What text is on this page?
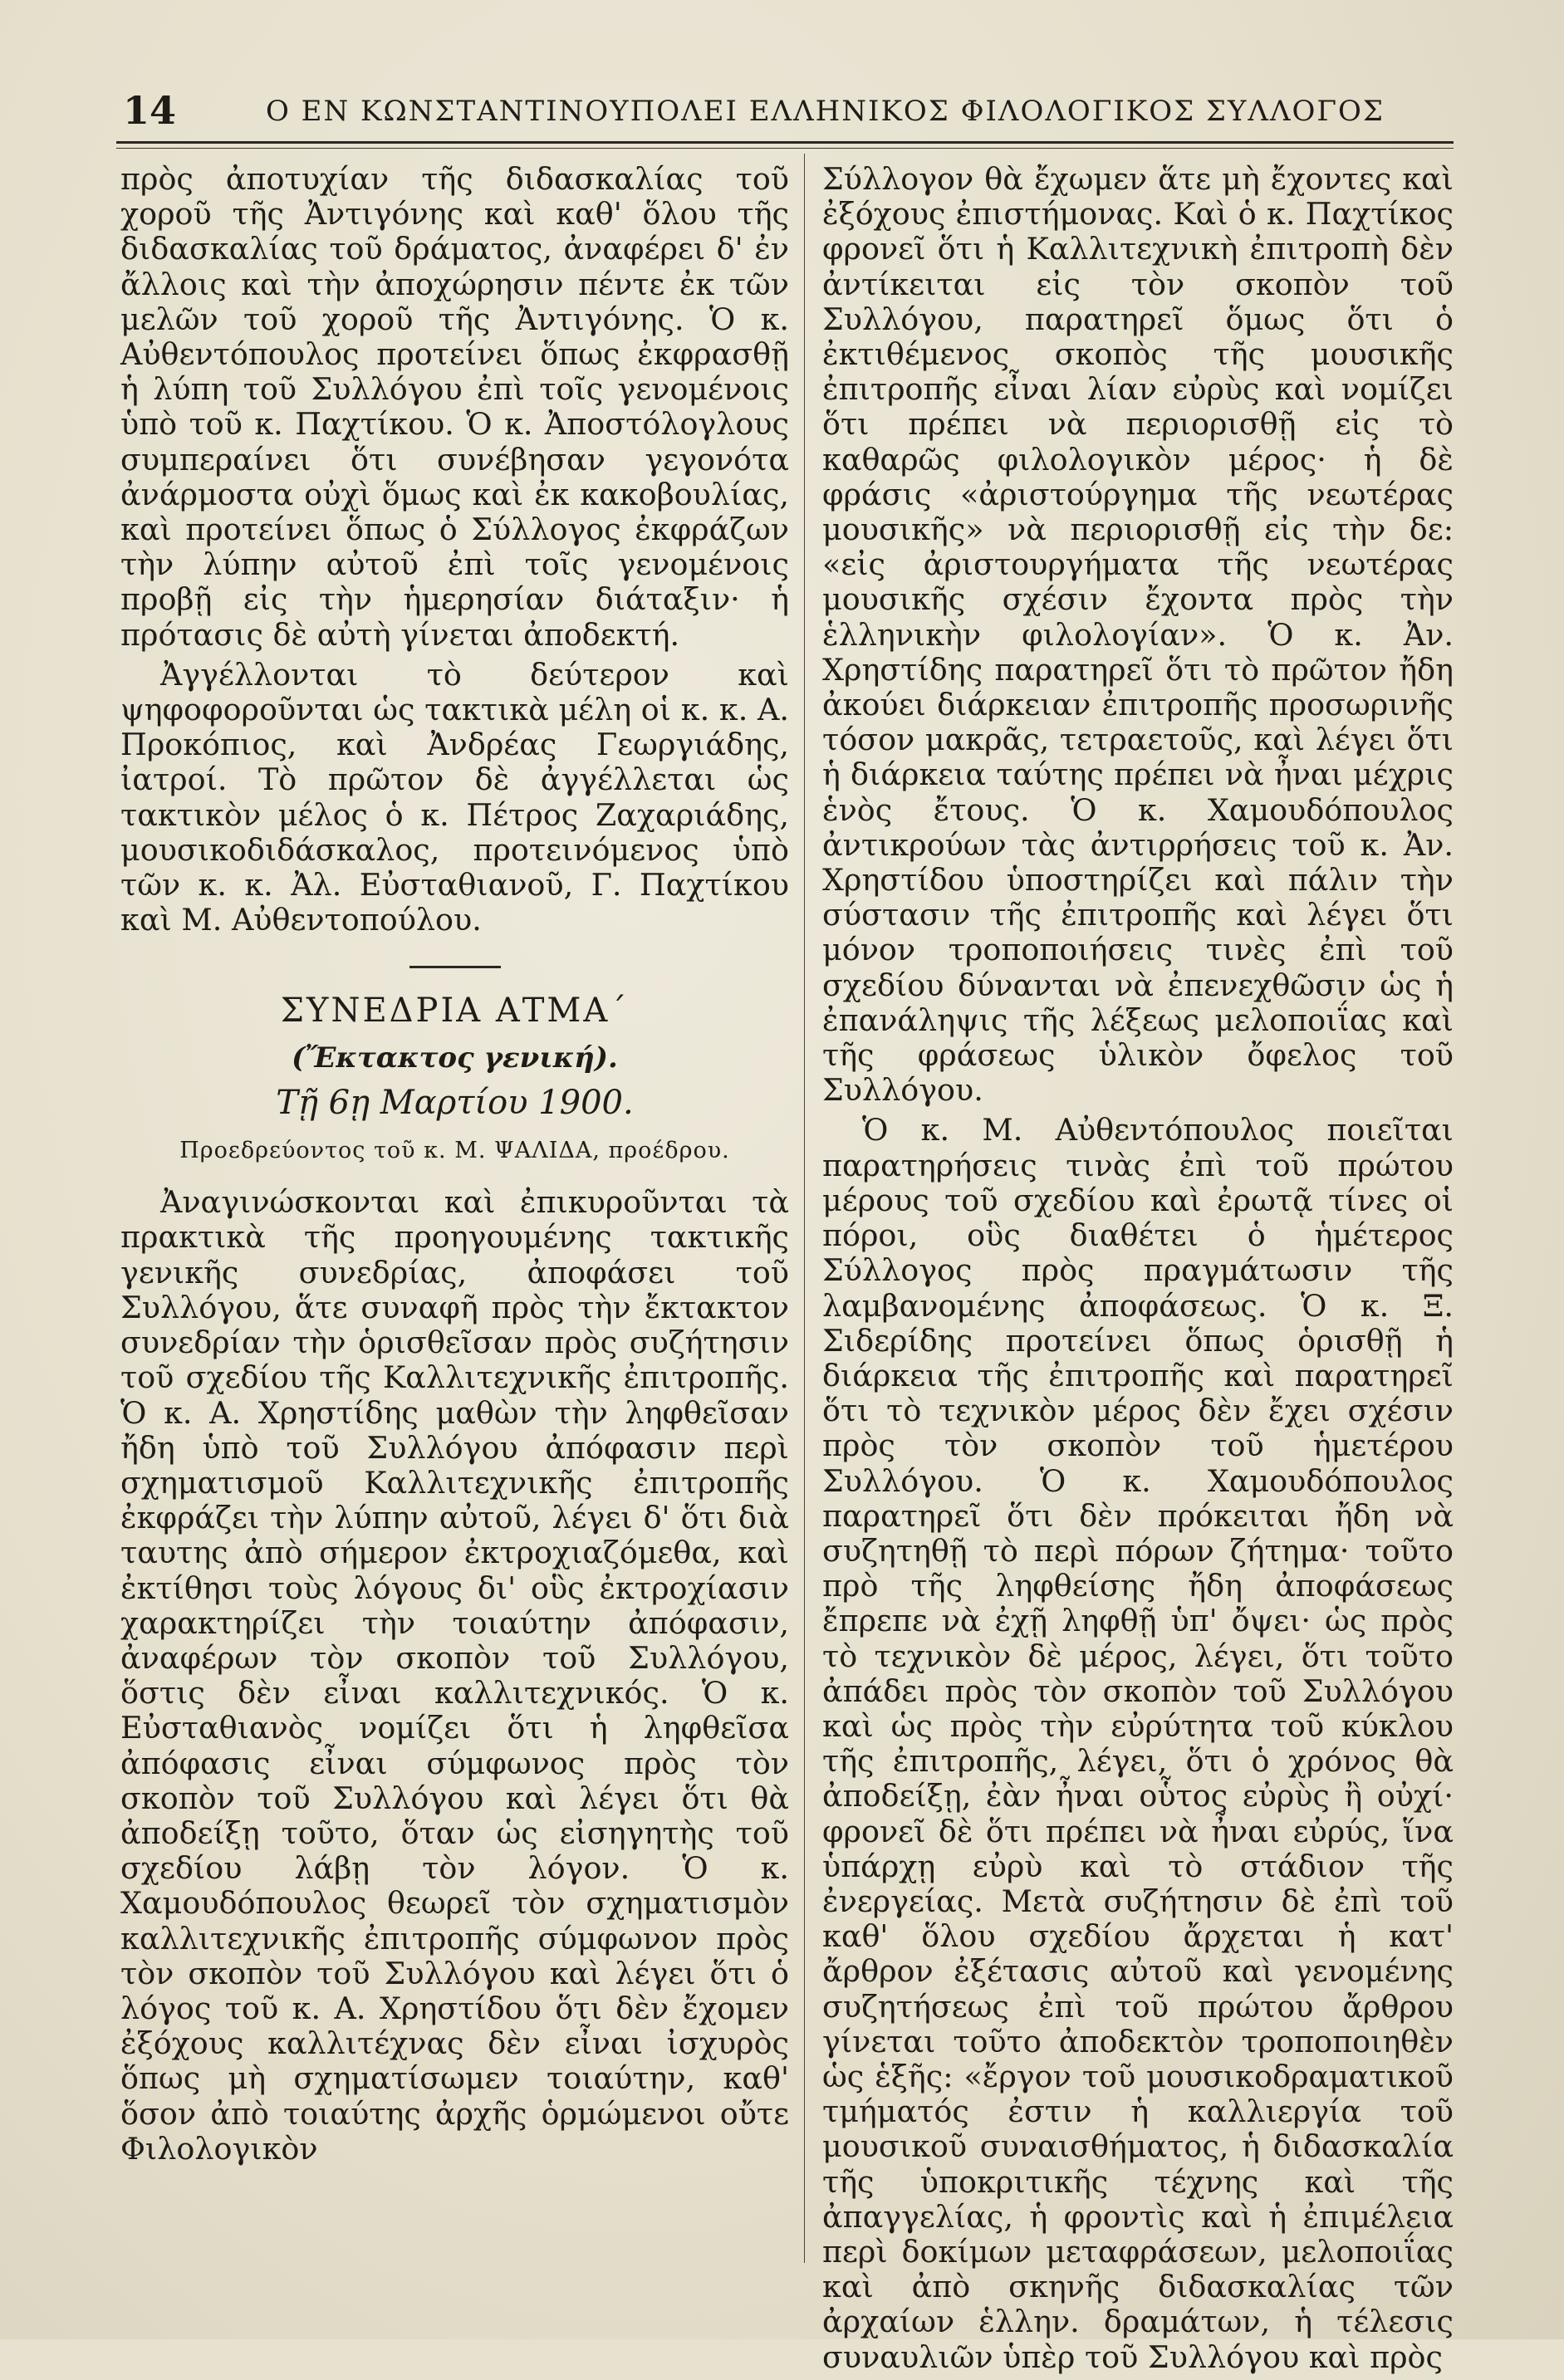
14	Ο ΕΝ ΚΩΝΣΤΑΝΤΙΝΟΥΠΟΛΕΙ ΕΛΛΗΝΙΚΟΣ ΦΙΛΟΛΟΓΙΚΟΣ ΣΥΛΛΟΓΟΣ

πρὸς ἀποτυχίαν τῆς διδασκαλίας τοῦ χοροῦ τῆς Ἀντιγόνης καὶ καθ' ὅλου τῆς διδασκαλίας τοῦ δράματος, ἀναφέρει δ' ἐν ἄλλοις καὶ τὴν ἀποχώρησιν πέντε ἐκ τῶν μελῶν τοῦ χοροῦ τῆς Ἀντιγόνης. Ὁ κ. Αὐθεντόπουλος προτείνει ὅπως ἐκφρασθῇ ἡ λύπη τοῦ Συλλόγου ἐπὶ τοῖς γενομένοις ὑπὸ τοῦ κ. Παχτίκου. Ὁ κ. Ἀποστόλογλους συμπεραίνει ὅτι συνέβησαν γεγονότα ἀνάρμοστα οὐχὶ ὅμως καὶ ἐκ κακοβουλίας, καὶ προτείνει ὅπως ὁ Σύλλογος ἐκφράζων τὴν λύπην αὐτοῦ ἐπὶ τοῖς γενομένοις προβῇ εἰς τὴν ἡμερησίαν διάταξιν· ἡ πρότασις δὲ αὐτὴ γίνεται ἀποδεκτή.

Ἀγγέλλονται τὸ δεύτερον καὶ ψηφοφοροῦνται ὡς τακτικὰ μέλη οἱ κ. κ. Α. Προκόπιος, καὶ Ἀνδρέας Γεωργιάδης, ἰατροί. Τὸ πρῶτον δὲ ἀγγέλλεται ὡς τακτικὸν μέλος ὁ κ. Πέτρος Ζαχαριάδης, μουσικοδιδάσκαλος, προτεινόμενος ὑπὸ τῶν κ. κ. Ἀλ. Εὐσταθιανοῦ, Γ. Παχτίκου καὶ Μ. Αὐθεντοπούλου.

ΣΥΝΕΔΡΙΑ ΑΤΜΑ΄
(Ἔκτακτος γενική).
Τῇ 6ῃ Μαρτίου 1900.
Προεδρεύοντος τοῦ κ. Μ. ΨΑΛΙΔΑ, προέδρου.

Ἀναγινώσκονται καὶ ἐπικυροῦνται τὰ πρακτικὰ τῆς προηγουμένης τακτικῆς γενικῆς συνεδρίας, ἀποφάσει τοῦ Συλλόγου, ἅτε συναφῆ πρὸς τὴν ἔκτακτον συνεδρίαν τὴν ὁρισθεῖσαν πρὸς συζήτησιν τοῦ σχεδίου τῆς Καλλιτεχνικῆς ἐπιτροπῆς. Ὁ κ. Α. Χρηστίδης μαθὼν τὴν ληφθεῖσαν ἤδη ὑπὸ τοῦ Συλλόγου ἀπόφασιν περὶ σχηματισμοῦ Καλλιτεχνικῆς ἐπιτροπῆς ἐκφράζει τὴν λύπην αὐτοῦ, λέγει δ' ὅτι διὰ ταυτης ἀπὸ σήμερον ἐκτροχιαζόμεθα, καὶ ἐκτίθησι τοὺς λόγους δι' οὓς ἐκτροχίασιν χαρακτηρίζει τὴν τοιαύτην ἀπόφασιν, ἀναφέρων τὸν σκοπὸν τοῦ Συλλόγου, ὅστις δὲν εἶναι καλλιτεχνικός. Ὁ κ. Εὐσταθιανὸς νομίζει ὅτι ἡ ληφθεῖσα ἀπόφασις εἶναι σύμφωνος πρὸς τὸν σκοπὸν τοῦ Συλλόγου καὶ λέγει ὅτι θὰ ἀποδείξῃ τοῦτο, ὅταν ὡς εἰσηγητὴς τοῦ σχεδίου λάβῃ τὸν λόγον. Ὁ κ. Χαμουδόπουλος θεωρεῖ τὸν σχηματισμὸν καλλιτεχνικῆς ἐπιτροπῆς σύμφωνον πρὸς τὸν σκοπὸν τοῦ Συλλόγου καὶ λέγει ὅτι ὁ λόγος τοῦ κ. Α. Χρηστίδου ὅτι δὲν ἔχομεν ἐξόχους καλλιτέχνας δὲν εἶναι ἰσχυρὸς ὅπως μὴ σχηματίσωμεν τοιαύτην, καθ' ὅσον ἀπὸ τοιαύτης ἀρχῆς ὁρμώμενοι οὔτε Φιλολογικὸν

Σύλλογον θὰ ἔχωμεν ἅτε μὴ ἔχοντες καὶ ἐξόχους ἐπιστήμονας. Καὶ ὁ κ. Παχτίκος φρονεῖ ὅτι ἡ Καλλιτεχνικὴ ἐπιτροπὴ δὲν ἀντίκειται εἰς τὸν σκοπὸν τοῦ Συλλόγου, παρατηρεῖ ὅμως ὅτι ὁ ἐκτιθέμενος σκοπὸς τῆς μουσικῆς ἐπιτροπῆς εἶναι λίαν εὐρὺς καὶ νομίζει ὅτι πρέπει νὰ περιορισθῇ εἰς τὸ καθαρῶς φιλολογικὸν μέρος· ἡ δὲ φράσις «ἀριστούργημα τῆς νεωτέρας μουσικῆς» νὰ περιορισθῇ εἰς τὴν δε: «εἰς ἀριστουργήματα τῆς νεωτέρας μουσικῆς σχέσιν ἔχοντα πρὸς τὴν ἑλληνικὴν φιλολογίαν». Ὁ κ. Ἀν. Χρηστίδης παρατηρεῖ ὅτι τὸ πρῶτον ἤδη ἀκούει διάρκειαν ἐπιτροπῆς προσωρινῆς τόσον μακρᾶς, τετραετοῦς, καὶ λέγει ὅτι ἡ διάρκεια ταύτης πρέπει νὰ ἦναι μέχρις ἑνὸς ἔτους. Ὁ κ. Χαμουδόπουλος ἀντικρούων τὰς ἀντιρρήσεις τοῦ κ. Ἀν. Χρηστίδου ὑποστηρίζει καὶ πάλιν τὴν σύστασιν τῆς ἐπιτροπῆς καὶ λέγει ὅτι μόνον τροποποιήσεις τινὲς ἐπὶ τοῦ σχεδίου δύνανται νὰ ἐπενεχθῶσιν ὡς ἡ ἐπανάληψις τῆς λέξεως μελοποιΐας καὶ τῆς φράσεως ὑλικὸν ὄφελος τοῦ Συλλόγου.

Ὁ κ. Μ. Αὐθεντόπουλος ποιεῖται παρατηρήσεις τινὰς ἐπὶ τοῦ πρώτου μέρους τοῦ σχεδίου καὶ ἐρωτᾷ τίνες οἱ πόροι, οὓς διαθέτει ὁ ἡμέτερος Σύλλογος πρὸς πραγμάτωσιν τῆς λαμβανομένης ἀποφάσεως. Ὁ κ. Ξ. Σιδερίδης προτείνει ὅπως ὁρισθῇ ἡ διάρκεια τῆς ἐπιτροπῆς καὶ παρατηρεῖ ὅτι τὸ τεχνικὸν μέρος δὲν ἔχει σχέσιν πρὸς τὸν σκοπὸν τοῦ ἡμετέρου Συλλόγου. Ὁ κ. Χαμουδόπουλος παρατηρεῖ ὅτι δὲν πρόκειται ἤδη νὰ συζητηθῇ τὸ περὶ πόρων ζήτημα· τοῦτο πρὸ τῆς ληφθείσης ἤδη ἀποφάσεως ἔπρεπε νὰ ἐχῇ ληφθῇ ὑπ' ὄψει· ὡς πρὸς τὸ τεχνικὸν δὲ μέρος, λέγει, ὅτι τοῦτο ἀπάδει πρὸς τὸν σκοπὸν τοῦ Συλλόγου καὶ ὡς πρὸς τὴν εὐρύτητα τοῦ κύκλου τῆς ἐπιτροπῆς, λέγει, ὅτι ὁ χρόνος θὰ ἀποδείξῃ, ἐὰν ἦναι οὗτος εὐρὺς ἢ οὐχί· φρονεῖ δὲ ὅτι πρέπει νὰ ἦναι εὐρύς, ἵνα ὑπάρχῃ εὐρὺ καὶ τὸ στάδιον τῆς ἐνεργείας. Μετὰ συζήτησιν δὲ ἐπὶ τοῦ καθ' ὅλου σχεδίου ἄρχεται ἡ κατ' ἄρθρον ἐξέτασις αὐτοῦ καὶ γενομένης συζητήσεως ἐπὶ τοῦ πρώτου ἄρθρου γίνεται τοῦτο ἀποδεκτὸν τροποποιηθὲν ὡς ἑξῆς: «ἔργον τοῦ μουσικοδραματικοῦ τμήματός ἐστιν ἡ καλλιεργία τοῦ μουσικοῦ συναισθήματος, ἡ διδασκαλία τῆς ὑποκριτικῆς τέχνης καὶ τῆς ἀπαγγελίας, ἡ φροντὶς καὶ ἡ ἐπιμέλεια περὶ δοκίμων μεταφράσεων, μελοποιΐας καὶ ἀπὸ σκηνῆς διδασκαλίας τῶν ἀρχαίων ἑλλην. δραμάτων, ἡ τέλεσις συναυλιῶν ὑπὲρ τοῦ Συλλόγου καὶ πρὸς
